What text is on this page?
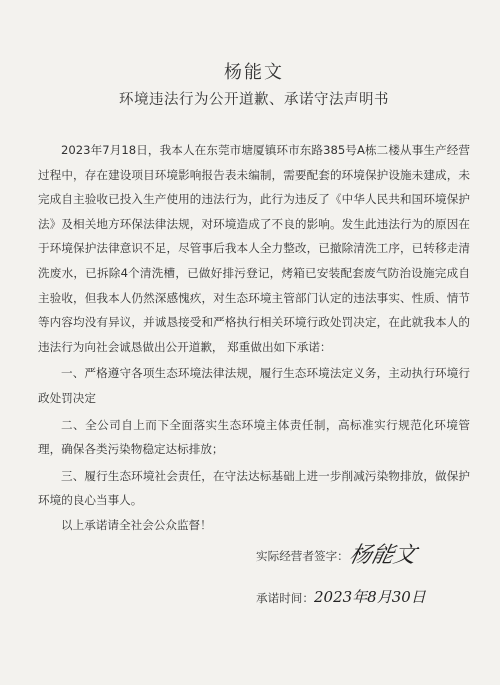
杨能文
环境违法行为公开道歉、承诺守法声明书

2023年7月18日，我本人在东莞市塘厦镇环市东路385号A栋二楼从事生产经营过程中，存在建设项目环境影响报告表未编制，需要配套的环境保护设施未建成，未完成自主验收已投入生产使用的违法行为，此行为违反了《中华人民共和国环境保护法》及相关地方环保法律法规，对环境造成了不良的影响。发生此违法行为的原因在于环境保护法律意识不足，尽管事后我本人全力整改，已撤除清洗工序，已转移走清洗废水，已拆除4个清洗槽，已做好排污登记，烤箱已安装配套废气防治设施完成自主验收，但我本人仍然深感愧疚，对生态环境主管部门认定的违法事实、性质、情节等内容均没有异议，并诚恳接受和严格执行相关环境行政处罚决定，在此就我本人的违法行为向社会诚恳做出公开道歉， 郑重做出如下承诺：

一、严格遵守各项生态环境法律法规，履行生态环境法定义务，主动执行环境行政处罚决定

二、全公司自上而下全面落实生态环境主体责任制，高标准实行规范化环境管理，确保各类污染物稳定达标排放；

三、履行生态环境社会责任，在守法达标基础上进一步削减污染物排放，做保护环境的良心当事人。

以上承诺请全社会公众监督！

实际经营者签字：
杨能文
承诺时间： 2023年8月30日
